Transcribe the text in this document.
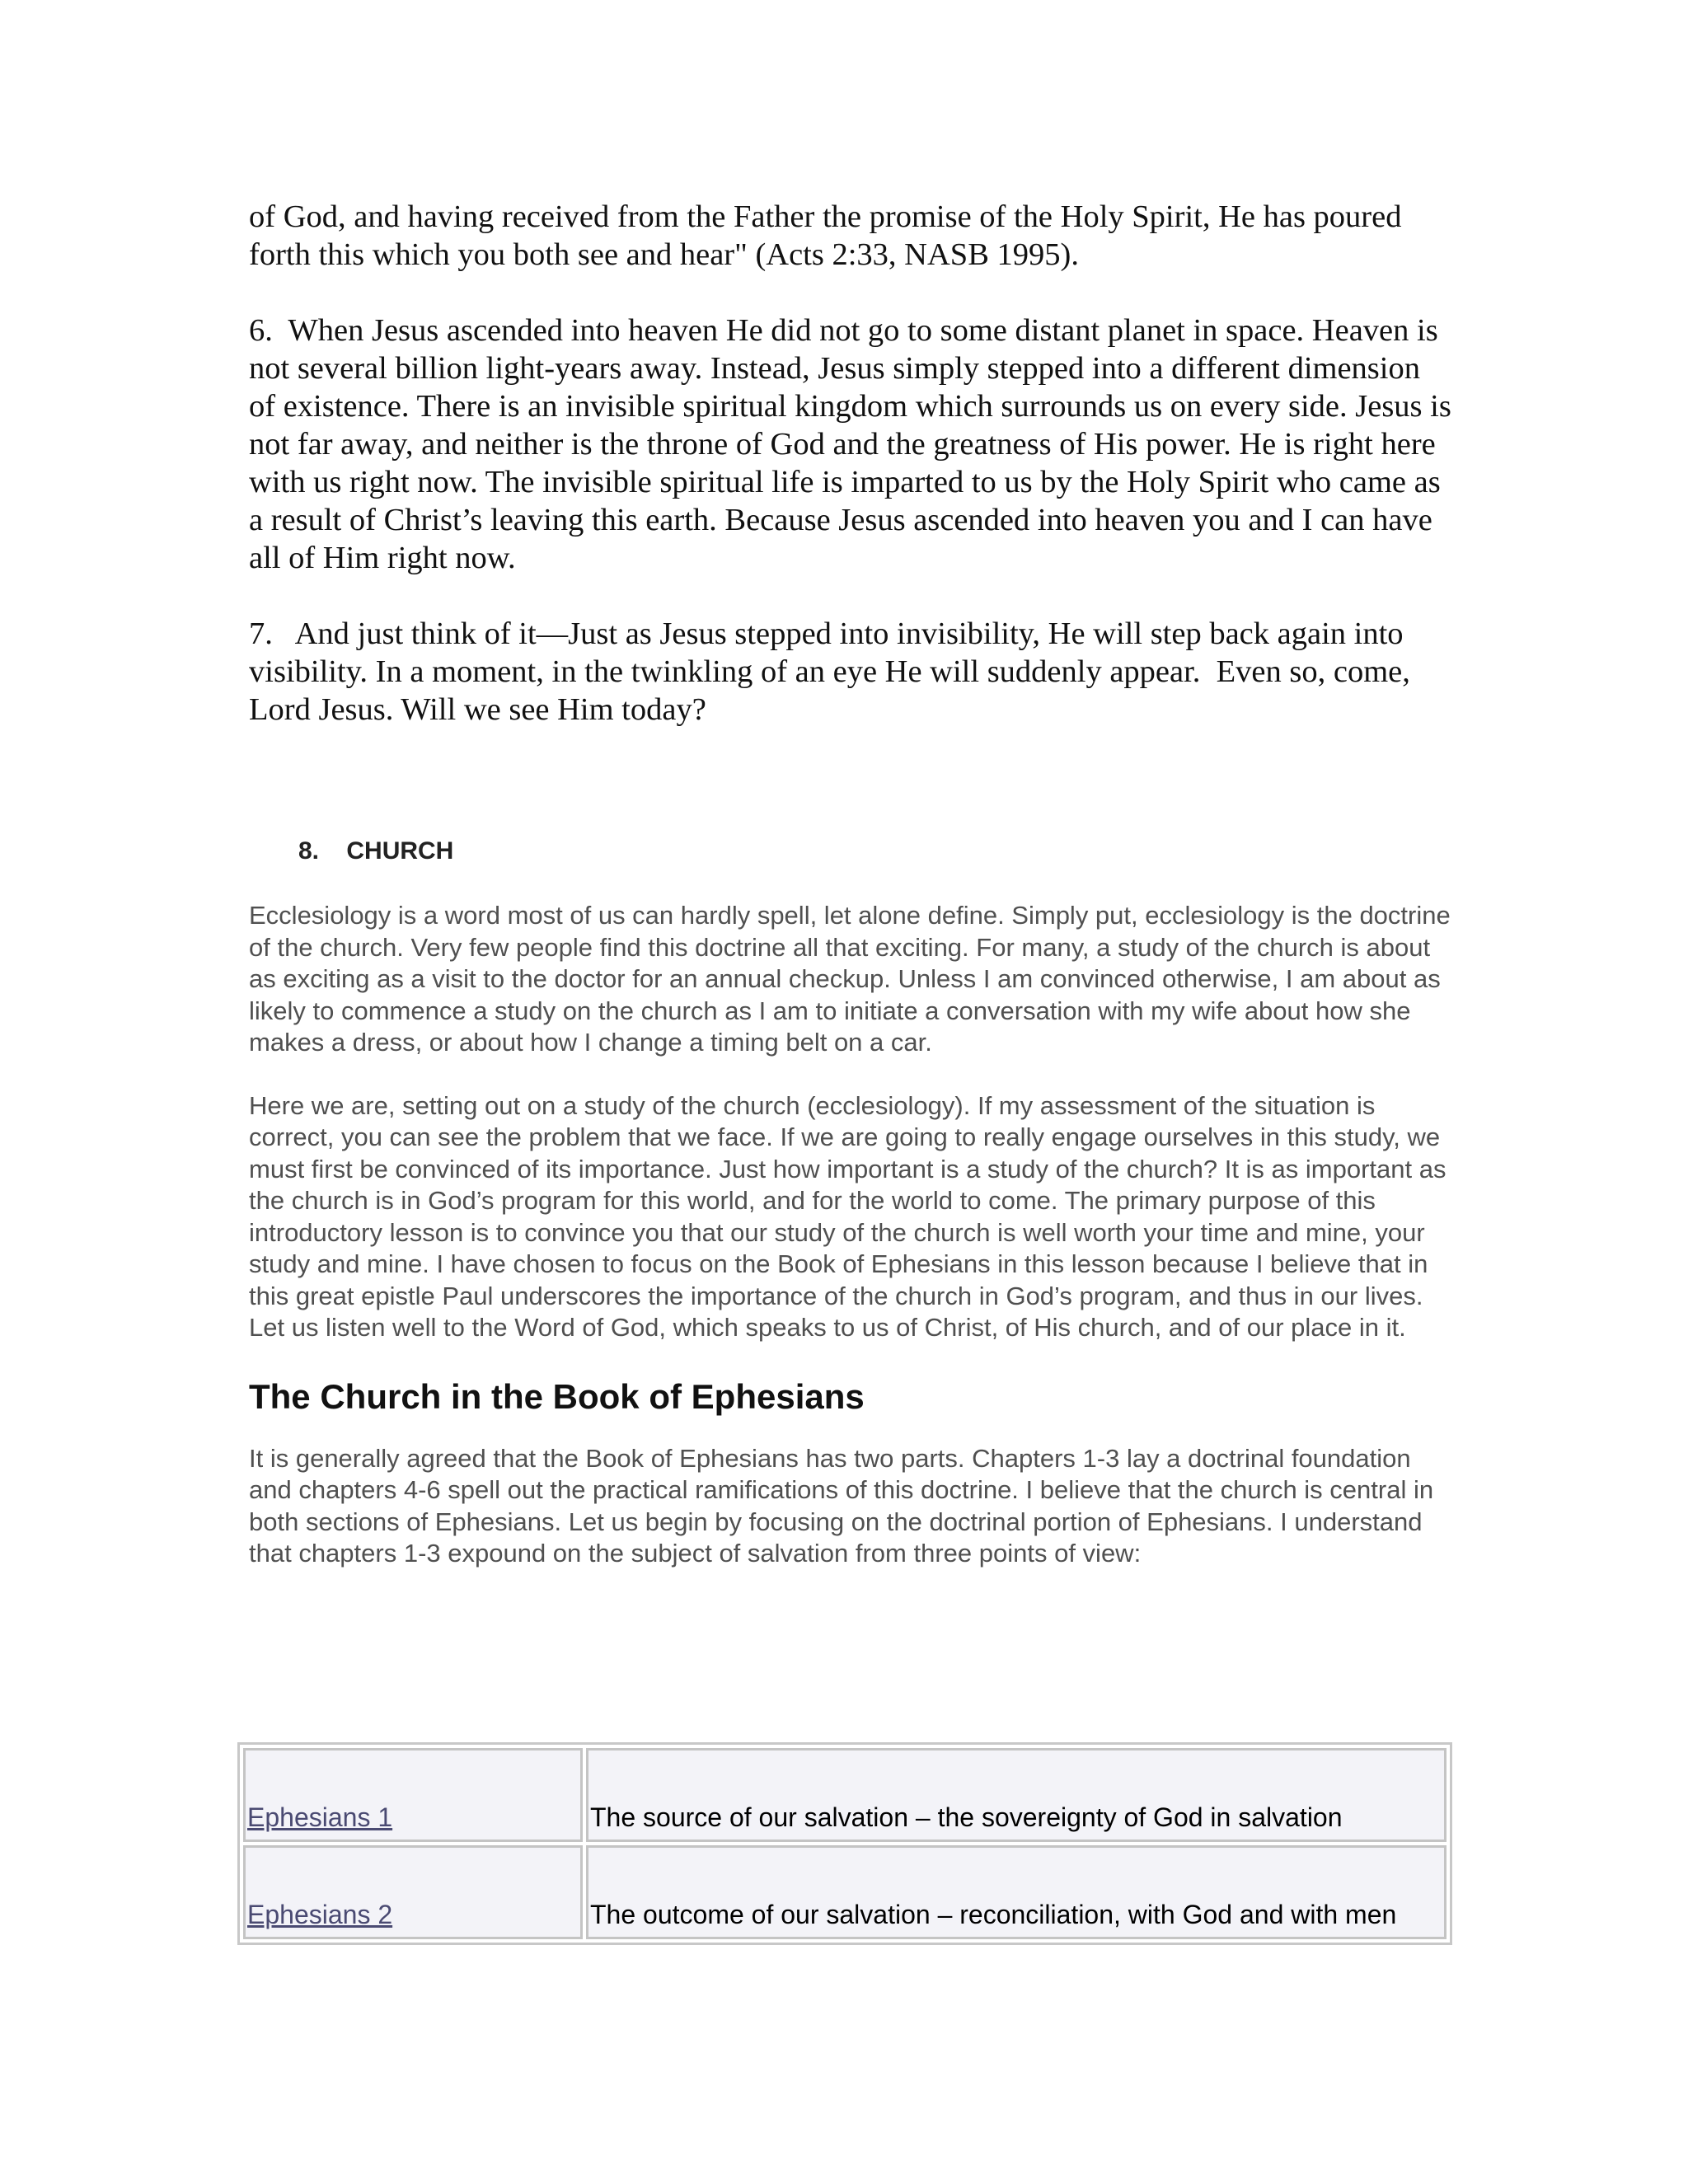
of God, and having received from the Father the promise of the Holy Spirit, He has poured forth this which you both see and hear" (Acts 2:33, NASB 1995).

6.  When Jesus ascended into heaven He did not go to some distant planet in space. Heaven is not several billion light-years away. Instead, Jesus simply stepped into a different dimension of existence. There is an invisible spiritual kingdom which surrounds us on every side. Jesus is not far away, and neither is the throne of God and the greatness of His power. He is right here with us right now. The invisible spiritual life is imparted to us by the Holy Spirit who came as a result of Christ’s leaving this earth. Because Jesus ascended into heaven you and I can have all of Him right now.

7.   And just think of it—Just as Jesus stepped into invisibility, He will step back again into visibility. In a moment, in the twinkling of an eye He will suddenly appear.  Even so, come, Lord Jesus. Will we see Him today?

8.    CHURCH

Ecclesiology is a word most of us can hardly spell, let alone define. Simply put, ecclesiology is the doctrine of the church. Very few people find this doctrine all that exciting. For many, a study of the church is about as exciting as a visit to the doctor for an annual checkup. Unless I am convinced otherwise, I am about as likely to commence a study on the church as I am to initiate a conversation with my wife about how she makes a dress, or about how I change a timing belt on a car.

Here we are, setting out on a study of the church (ecclesiology). If my assessment of the situation is correct, you can see the problem that we face. If we are going to really engage ourselves in this study, we must first be convinced of its importance. Just how important is a study of the church? It is as important as the church is in God’s program for this world, and for the world to come. The primary purpose of this introductory lesson is to convince you that our study of the church is well worth your time and mine, your study and mine. I have chosen to focus on the Book of Ephesians in this lesson because I believe that in this great epistle Paul underscores the importance of the church in God’s program, and thus in our lives. Let us listen well to the Word of God, which speaks to us of Christ, of His church, and of our place in it.

The Church in the Book of Ephesians

It is generally agreed that the Book of Ephesians has two parts. Chapters 1-3 lay a doctrinal foundation and chapters 4-6 spell out the practical ramifications of this doctrine. I believe that the church is central in both sections of Ephesians. Let us begin by focusing on the doctrinal portion of Ephesians. I understand that chapters 1-3 expound on the subject of salvation from three points of view:

Ephesians 1	The source of our salvation – the sovereignty of God in salvation
Ephesians 2	The outcome of our salvation – reconciliation, with God and with men
